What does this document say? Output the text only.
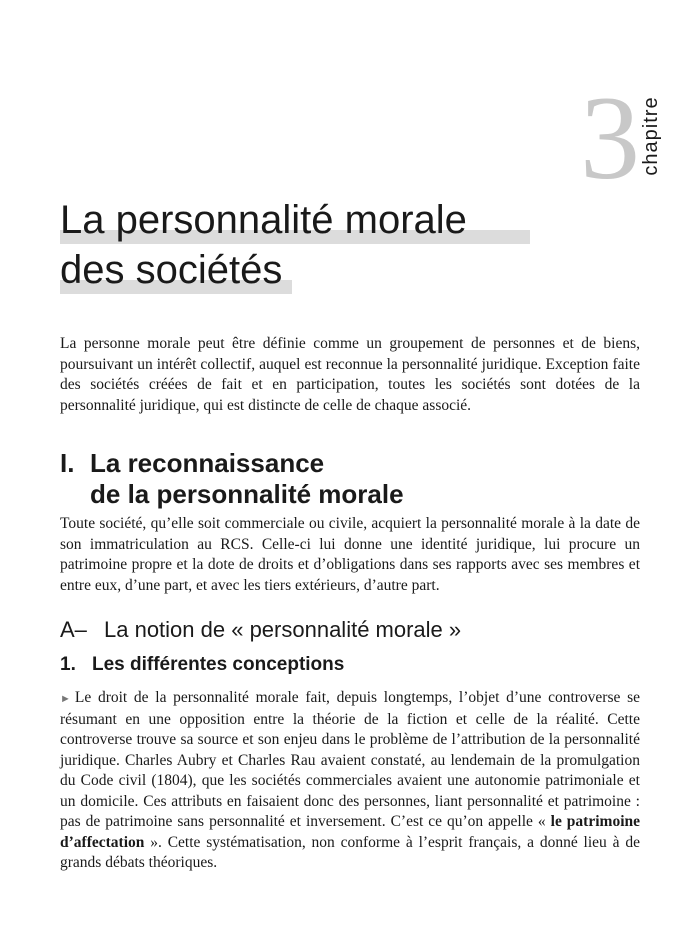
3 chapitre
La personnalité morale
des sociétés

La personne morale peut être définie comme un groupement de personnes et de biens, poursuivant un intérêt collectif, auquel est reconnue la personnalité juridique. Exception faite des sociétés créées de fait et en participation, toutes les sociétés sont dotées de la personnalité juridique, qui est distincte de celle de chaque associé.

I. La reconnaissance
de la personnalité morale

Toute société, qu’elle soit commerciale ou civile, acquiert la personnalité morale à la date de son immatriculation au RCS. Celle-ci lui donne une identité juridique, lui procure un patrimoine propre et la dote de droits et d’obligations dans ses rapports avec ses membres et entre eux, d’une part, et avec les tiers extérieurs, d’autre part.

A– La notion de « personnalité morale »
1. Les différentes conceptions

► Le droit de la personnalité morale fait, depuis longtemps, l’objet d’une controverse se résumant en une opposition entre la théorie de la fiction et celle de la réalité. Cette controverse trouve sa source et son enjeu dans le problème de l’attribution de la personnalité juridique. Charles Aubry et Charles Rau avaient constaté, au lendemain de la promulgation du Code civil (1804), que les sociétés commerciales avaient une autonomie patrimoniale et un domicile. Ces attributs en faisaient donc des personnes, liant personnalité et patrimoine : pas de patrimoine sans personnalité et inversement. C’est ce qu’on appelle « le patrimoine d’affectation ». Cette systématisation, non conforme à l’esprit français, a donné lieu à de grands débats théoriques.
